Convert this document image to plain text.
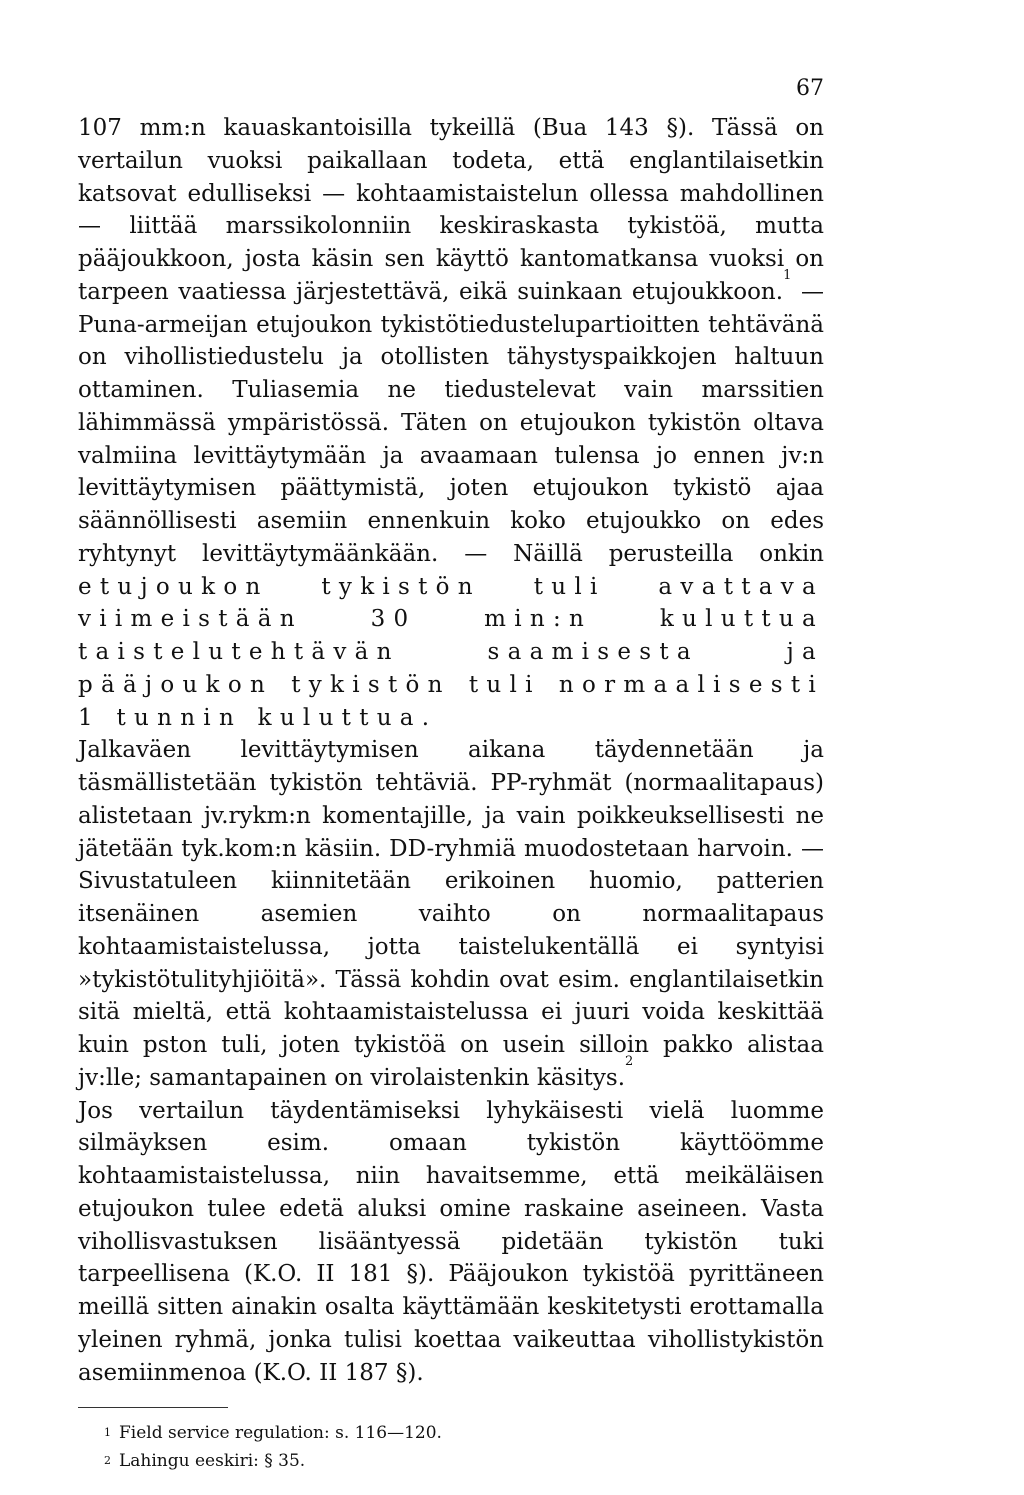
67

107 mm:n kauaskantoisilla tykeillä (Bua 143 §). Tässä on vertailun vuoksi paikallaan todeta, että englantilaisetkin katsovat edulliseksi — kohtaamistaistelun ollessa mahdollinen — liittää marssikolonniin keskiraskasta tykistöä, mutta pääjoukkoon, josta käsin sen käyttö kantomatkansa vuoksi on tarpeen vaatiessa järjestettävä, eikä suinkaan etujoukkoon.$^1$ — Puna-armeijan etujoukon tykistötiedustelupartioitten tehtävänä on vihollistiedustelu ja otollisten tähystyspaikkojen haltuun ottaminen. Tuliasemia ne tiedustelevat vain marssitien lähimmässä ympäristössä. Täten on etujoukon tykistön oltava valmiina levittäytymään ja avaamaan tulensa jo ennen jv:n levittäytymisen päättymistä, joten etujoukon tykistö ajaa säännöllisesti asemiin ennenkuin koko etujoukko on edes ryhtynyt levittäytymäänkään. — Näillä perusteilla onkin etujoukon tykistön tuli avattava viimeistään 30 min:n kuluttua taistelutehtävän saamisesta ja pääjoukon tykistön tuli normaalisesti 1 tunnin kuluttua.

Jalkaväen levittäytymisen aikana täydennetään ja täsmällistetään tykistön tehtäviä. PP-ryhmät (normaalitapaus) alistetaan jv.rykm:n komentajille, ja vain poikkeuksellisesti ne jätetään tyk.kom:n käsiin. DD-ryhmiä muodostetaan harvoin. — Sivustatuleen kiinnitetään erikoinen huomio, patterien itsenäinen asemien vaihto on normaalitapaus kohtaamistaistelussa, jotta taistelukentällä ei syntyisi »tykistötulityhjiöitä». Tässä kohdin ovat esim. englantilaisetkin sitä mieltä, että kohtaamistaistelussa ei juuri voida keskittää kuin pston tuli, joten tykistöä on usein silloin pakko alistaa jv:lle; samantapainen on virolaistenkin käsitys.$^2$

Jos vertailun täydentämiseksi lyhykäisesti vielä luomme silmäyksen esim. omaan tykistön käyttöömme kohtaamistaistelussa, niin havaitsemme, että meikäläisen etujoukon tulee edetä aluksi omine raskaine aseineen. Vasta vihollisvastuksen lisääntyessä pidetään tykistön tuki tarpeellisena (K.O. II 181 §). Pääjoukon tykistöä pyrittäneen meillä sitten ainakin osalta käyttämään keskitetysti erottamalla yleinen ryhmä, jonka tulisi koettaa vaikeuttaa vihollistykistön asemiinmenoa (K.O. II 187 §).

$^1$ Field service regulation: s. 116—120.

$^2$ Lahingu eeskiri: § 35.
